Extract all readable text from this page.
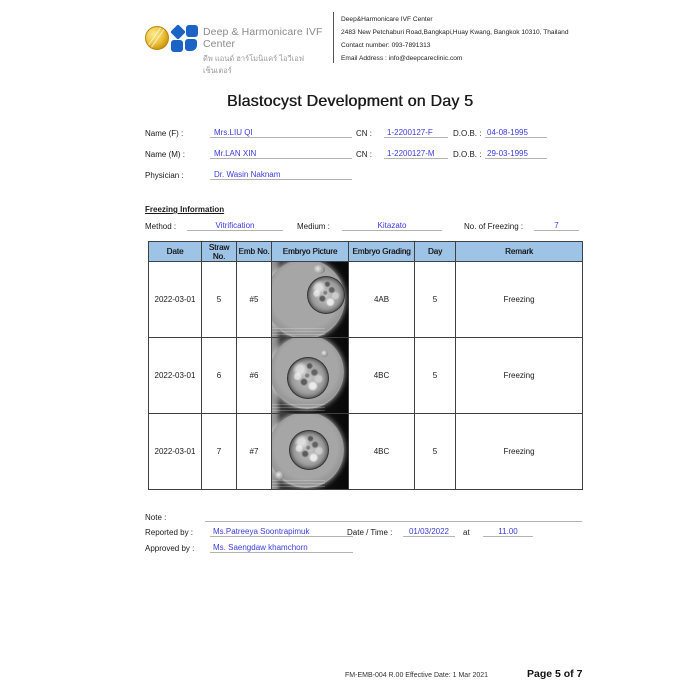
Deep & Harmonicare IVF Center
ดีพ แอนด์ ฮาร์โมนิแคร์ ไอวีเอฟ เซ็นเตอร์
Deep&Harmonicare IVF Center
2483 New Petchaburi Road,Bangkapi,Huay Kwang, Bangkok 10310, Thailand
Contact number: 093-7891313
Email Address : info@deepcareclinic.com
Blastocyst Development on Day 5
Name (F) :	Mrs.LIU QI	CN :	1-2200127-F	D.O.B. : 04-08-1995
Name (M) :	Mr.LAN XIN	CN :	1-2200127-M	D.O.B. : 29-03-1995
Physician :	Dr. Wasin Naknam
Freezing Information
Method :	Vitrification	Medium :	Kitazato	No. of Freezing :	7
Date	Straw No.	Emb No.	Embryo Picture	Embryo Grading	Day	Remark
2022-03-01	5	#5		4AB	5	Freezing
2022-03-01	6	#6		4BC	5	Freezing
2022-03-01	7	#7		4BC	5	Freezing
Note :
Reported by :	Ms.Patreeya Soontrapimuk	Date / Time :	01/03/2022	at	11.00
Approved by :	Ms. Saengdaw khamchorn
FM-EMB-004 R.00 Effective Date: 1 Mar 2021	Page 5 of 7
